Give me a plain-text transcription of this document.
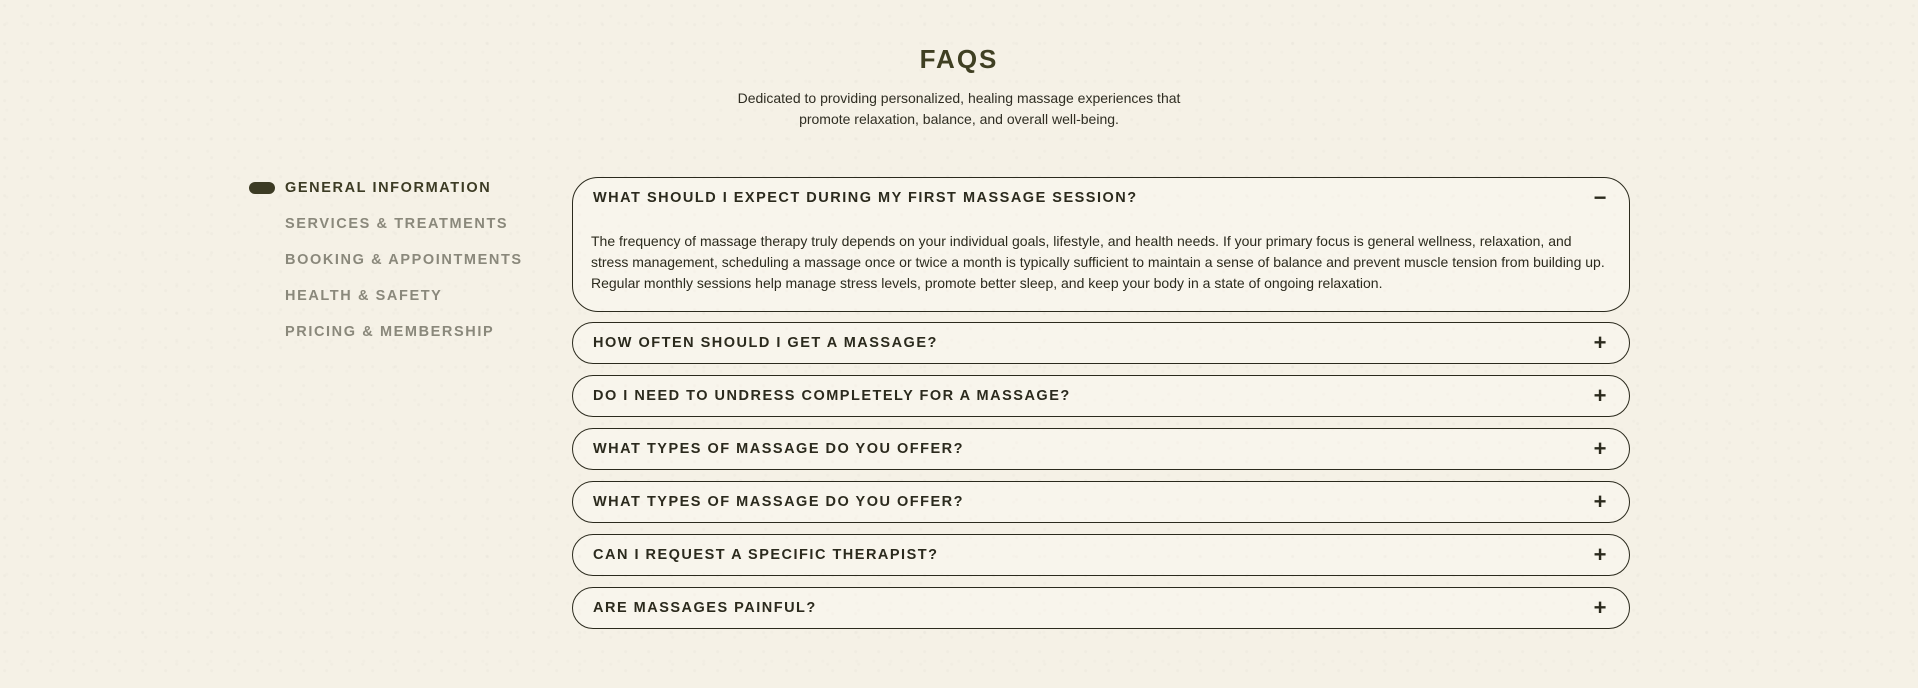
FAQS

Dedicated to providing personalized, healing massage experiences that promote relaxation, balance, and overall well-being.

GENERAL INFORMATION
SERVICES & TREATMENTS
BOOKING & APPOINTMENTS
HEALTH & SAFETY
PRICING & MEMBERSHIP
WHAT SHOULD I EXPECT DURING MY FIRST MASSAGE SESSION?	−
The frequency of massage therapy truly depends on your individual goals, lifestyle, and health needs. If your primary focus is general wellness, relaxation, and stress management, scheduling a massage once or twice a month is typically sufficient to maintain a sense of balance and prevent muscle tension from building up. Regular monthly sessions help manage stress levels, promote better sleep, and keep your body in a state of ongoing relaxation.
HOW OFTEN SHOULD I GET A MASSAGE?	+
DO I NEED TO UNDRESS COMPLETELY FOR A MASSAGE?	+
WHAT TYPES OF MASSAGE DO YOU OFFER?	+
WHAT TYPES OF MASSAGE DO YOU OFFER?	+
CAN I REQUEST A SPECIFIC THERAPIST?	+
ARE MASSAGES PAINFUL?	+
